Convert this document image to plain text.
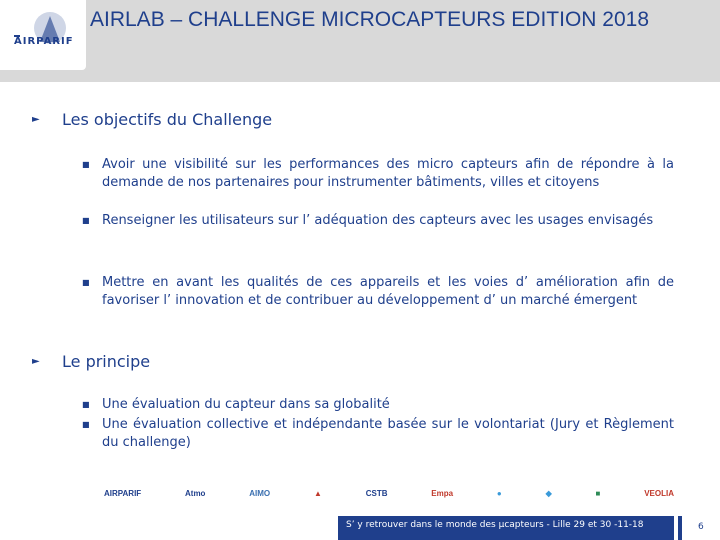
AIRPARIF
AIRLAB – CHALLENGE MICROCAPTEURS EDITION 2018
►	Les objectifs du Challenge
■ Avoir une visibilité sur les performances des micro capteurs afin de répondre à la demande de nos partenaires pour instrumenter bâtiments, villes et citoyens
■ Renseigner les utilisateurs sur l’ adéquation des capteurs avec les usages envisagés
■ Mettre en avant les qualités de ces appareils et les voies d’ amélioration afin de favoriser l’ innovation et de contribuer au développement d’ un marché émergent
►	Le principe
■ Une évaluation du capteur dans sa globalité
■ Une évaluation collective et indépendante basée sur le volontariat (Jury et Règlement du challenge)
AIRPARIF	Atmo	AIMO	▲	CSTB	Empa	●	◆	■	VEOLIA
S’ y retrouver dans le monde des µcapteurs - Lille 29 et 30 -11-18	6
